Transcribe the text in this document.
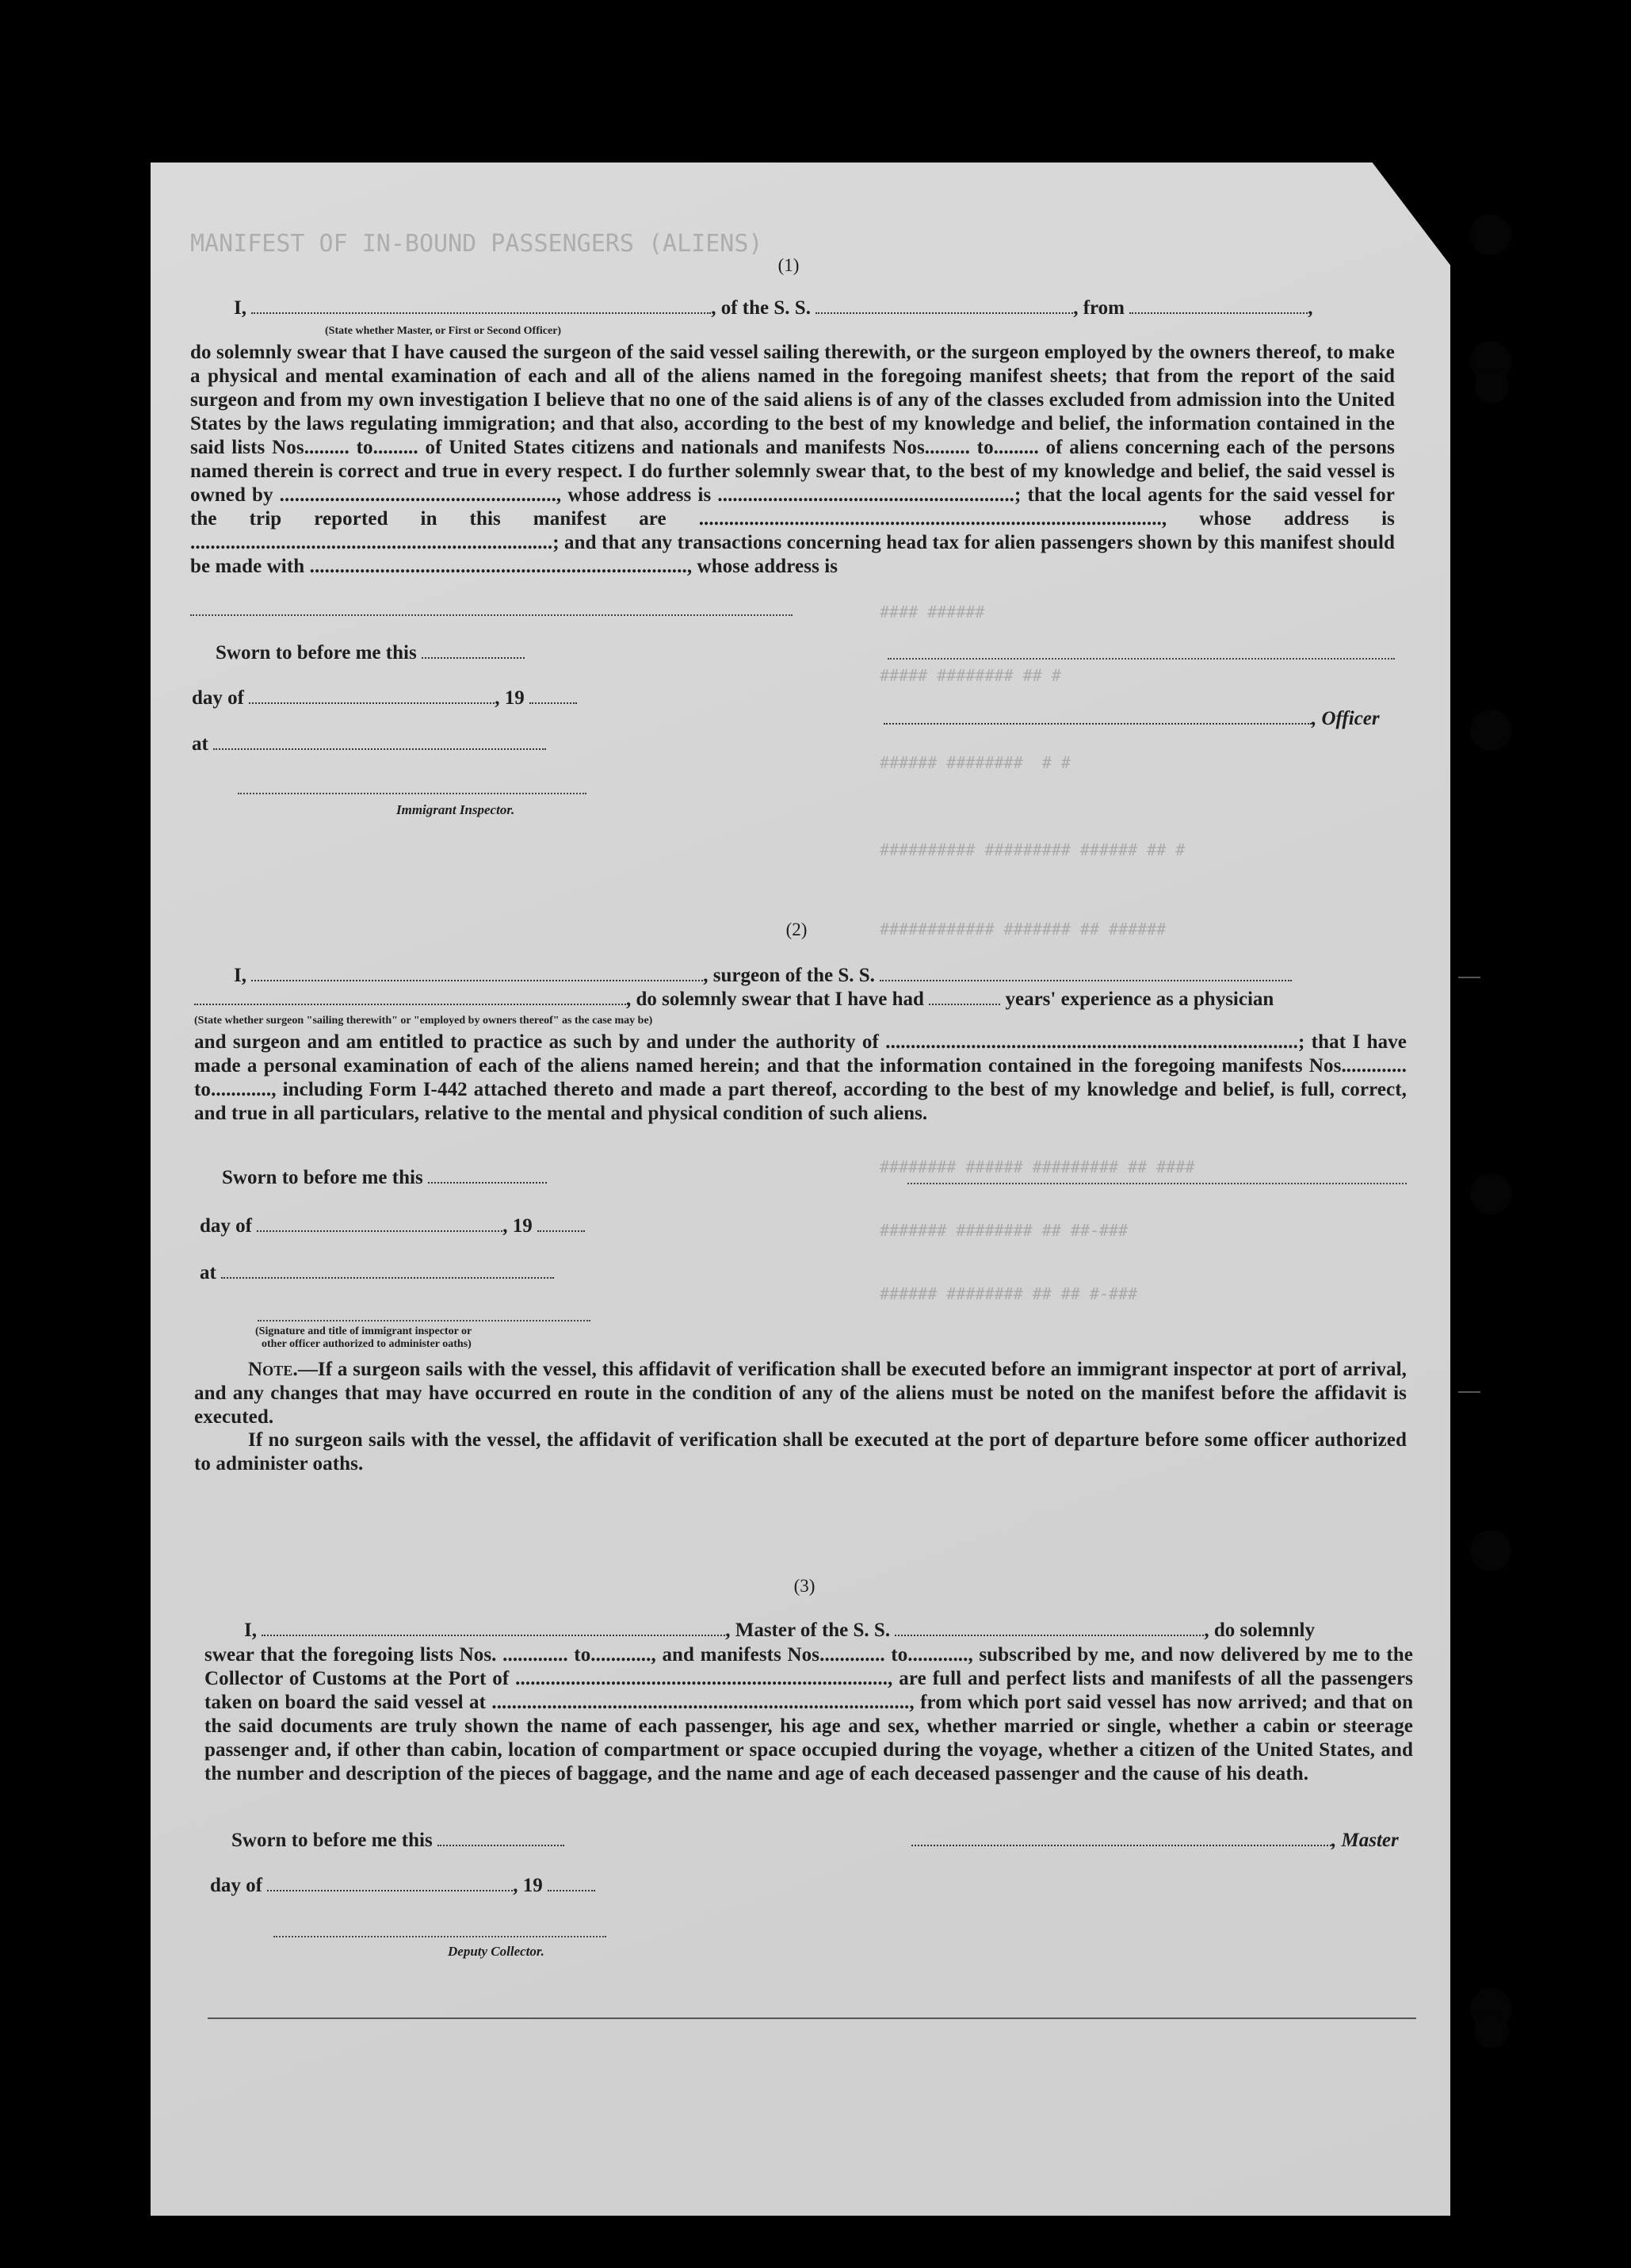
MANIFEST OF IN-BOUND PASSENGERS (ALIENS)
#### ######
##### ######## ## #
###### ########  # #
########## ######### ###### ## #
############ ####### ## ######
######## ###### ######### ## ####
####### ######## ## ##-###
###### ######## ## ## #-###
(1)
I,	, of the S. S.	, from	,
(State whether Master, or First or Second Officer)
do solemnly swear that I have caused the surgeon of the said vessel sailing therewith, or the surgeon employed by the owners thereof, to make a physical and mental examination of each and all of the aliens named in the foregoing manifest sheets; that from the report of the said surgeon and from my own investigation I believe that no one of the said aliens is of any of the classes excluded from admission into the United States by the laws regulating immigration; and that also, according to the best of my knowledge and belief, the information contained in the said lists Nos......... to......... of United States citizens and nationals and manifests Nos......... to......... of aliens concerning each of the persons named therein is correct and true in every respect. I do further solemnly swear that, to the best of my knowledge and belief, the said vessel is owned by ......................................................., whose address is ...........................................................; that the local agents for the said vessel for the trip reported in this manifest are ............................................................................................, whose address is ........................................................................; and that any transactions concerning head tax for alien passengers shown by this manifest should be made with ..........................................................................., whose address is
Sworn to before me this
day of	, 19
, Officer
at
Immigrant Inspector.
(2)
I,	, surgeon of the S. S.
, do solemnly swear that I have had	years' experience as a physician
(State whether surgeon "sailing therewith" or "employed by owners thereof" as the case may be)
and surgeon and am entitled to practice as such by and under the authority of ..................................................................................; that I have made a personal examination of each of the aliens named herein; and that the information contained in the foregoing manifests Nos............. to............, including Form I-442 attached thereto and made a part thereof, according to the best of my knowledge and belief, is full, correct, and true in all particulars, relative to the mental and physical condition of such aliens.
Sworn to before me this
day of	, 19
at
(Signature and title of immigrant inspector or
other officer authorized to administer oaths)
Note.—If a surgeon sails with the vessel, this affidavit of verification shall be executed before an immigrant inspector at port of arrival, and any changes that may have occurred en route in the condition of any of the aliens must be noted on the manifest before the affidavit is executed.
If no surgeon sails with the vessel, the affidavit of verification shall be executed at the port of departure before some officer authorized to administer oaths.
(3)
I,	, Master of the S. S.	, do solemnly
swear that the foregoing lists Nos. ............. to............, and manifests Nos............. to............, subscribed by me, and now delivered by me to the Collector of Customs at the Port of .........................................................................., are full and perfect lists and manifests of all the passengers taken on board the said vessel at ..................................................................................., from which port said vessel has now arrived; and that on the said documents are truly shown the name of each passenger, his age and sex, whether married or single, whether a cabin or steerage passenger and, if other than cabin, location of compartment or space occupied during the voyage, whether a citizen of the United States, and the number and description of the pieces of baggage, and the name and age of each deceased passenger and the cause of his death.
Sworn to before me this	, Master
day of	, 19
Deputy Collector.
